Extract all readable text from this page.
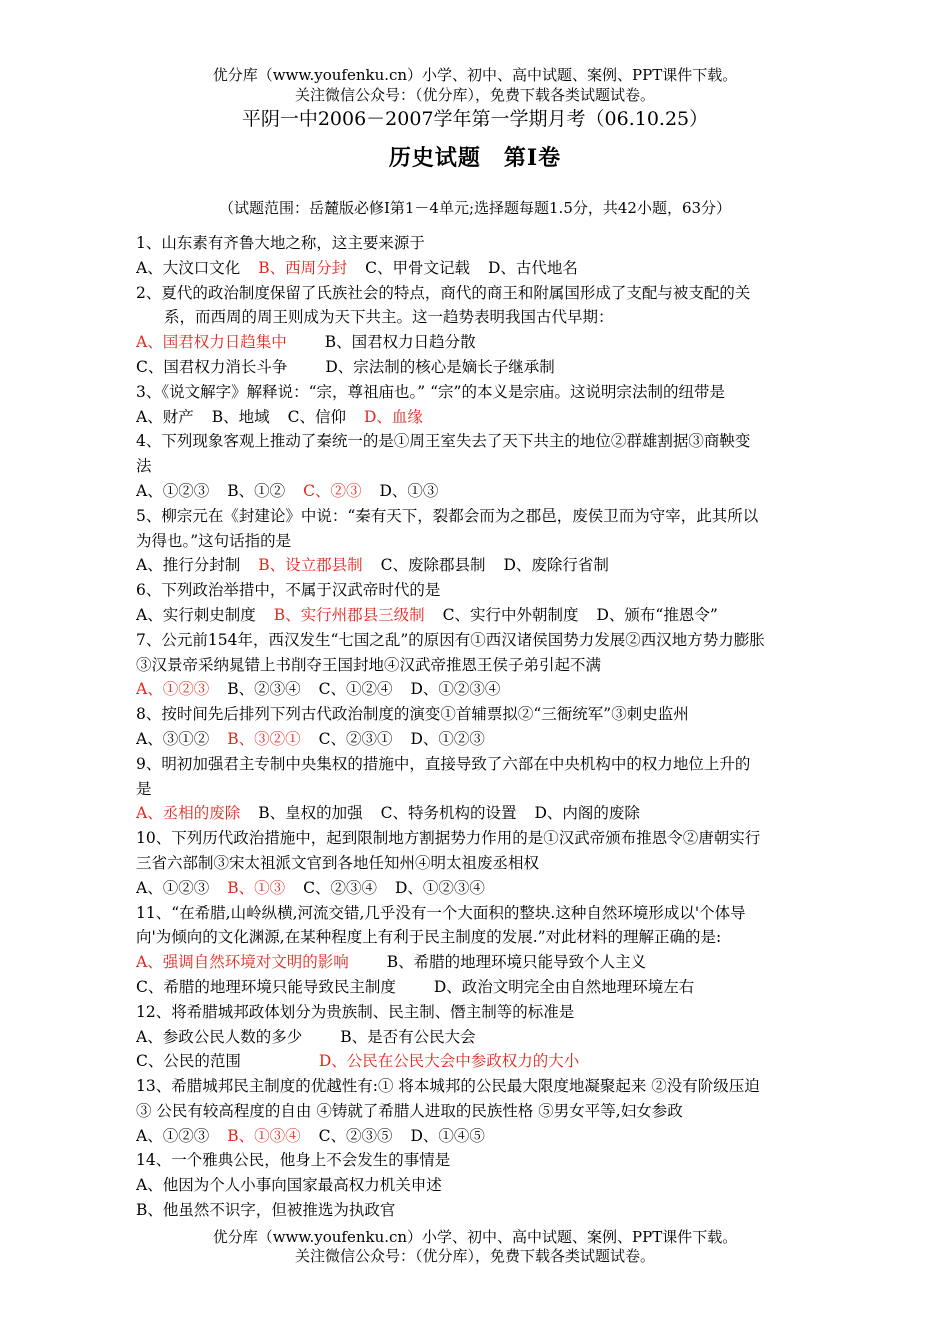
优分库（www.youfenku.cn）小学、初中、高中试题、案例、PPT课件下载。
关注微信公众号：（优分库），免费下载各类试题试卷。
平阴一中2006－2007学年第一学期月考（06.10.25）
历史试题　第Ⅰ卷
（试题范围：岳麓版必修Ⅰ第1－4单元;选择题每题1.5分，共42小题，63分）
1、山东素有齐鲁大地之称，这主要来源于
A、大汶口文化 B、西周分封 C、甲骨文记载 D、古代地名
2、夏代的政治制度保留了氏族社会的特点，商代的商王和附属国形成了支配与被支配的关
系，而西周的周王则成为天下共主。这一趋势表明我国古代早期：
A、国君权力日趋集中 B、国君权力日趋分散
C、国君权力消长斗争 D、宗法制的核心是嫡长子继承制
3、《说文解字》解释说：“宗，尊祖庙也。” “宗”的本义是宗庙。这说明宗法制的纽带是
A、财产 B、地域 C、信仰 D、血缘
4、下列现象客观上推动了秦统一的是①周王室失去了天下共主的地位②群雄割据③商鞅变
法
A、①②③ B、①② C、②③ D、①③
5、柳宗元在《封建论》中说：“秦有天下，裂都会而为之郡邑，废侯卫而为守宰，此其所以
为得也。”这句话指的是
A、推行分封制 B、设立郡县制 C、废除郡县制 D、废除行省制
6、下列政治举措中，不属于汉武帝时代的是
A、实行刺史制度 B、实行州郡县三级制 C、实行中外朝制度 D、颁布“推恩令”
7、公元前154年，西汉发生“七国之乱”的原因有①西汉诸侯国势力发展②西汉地方势力膨胀
③汉景帝采纳晁错上书削夺王国封地④汉武帝推恩王侯子弟引起不满
A、①②③ B、②③④ C、①②④ D、①②③④
8、按时间先后排列下列古代政治制度的演变①首辅票拟②“三衙统军”③刺史监州
A、③①② B、③②① C、②③① D、①②③
9、明初加强君主专制中央集权的措施中，直接导致了六部在中央机构中的权力地位上升的
是
A、丞相的废除 B、皇权的加强 C、特务机构的设置 D、内阁的废除
10、下列历代政治措施中，起到限制地方割据势力作用的是①汉武帝颁布推恩令②唐朝实行
三省六部制③宋太祖派文官到各地任知州④明太祖废丞相权
A、①②③ B、①③ C、②③④ D、①②③④
11、“在希腊,山岭纵横,河流交错,几乎没有一个大面积的整块.这种自然环境形成以'个体导
向'为倾向的文化渊源,在某种程度上有利于民主制度的发展.”对此材料的理解正确的是:
A、强调自然环境对文明的影响 B、希腊的地理环境只能导致个人主义
C、希腊的地理环境只能导致民主制度 D、政治文明完全由自然地理环境左右
12、将希腊城邦政体划分为贵族制、民主制、僭主制等的标准是
A、参政公民人数的多少 B、是否有公民大会
C、公民的范围	D、公民在公民大会中参政权力的大小
13、希腊城邦民主制度的优越性有:① 将本城邦的公民最大限度地凝聚起来 ②没有阶级压迫
③ 公民有较高程度的自由 ④铸就了希腊人进取的民族性格 ⑤男女平等,妇女参政
A、①②③ B、①③④ C、②③⑤ D、①④⑤
14、一个雅典公民，他身上不会发生的事情是
A、他因为个人小事向国家最高权力机关申述
B、他虽然不识字，但被推选为执政官
优分库（www.youfenku.cn）小学、初中、高中试题、案例、PPT课件下载。
关注微信公众号：（优分库），免费下载各类试题试卷。
